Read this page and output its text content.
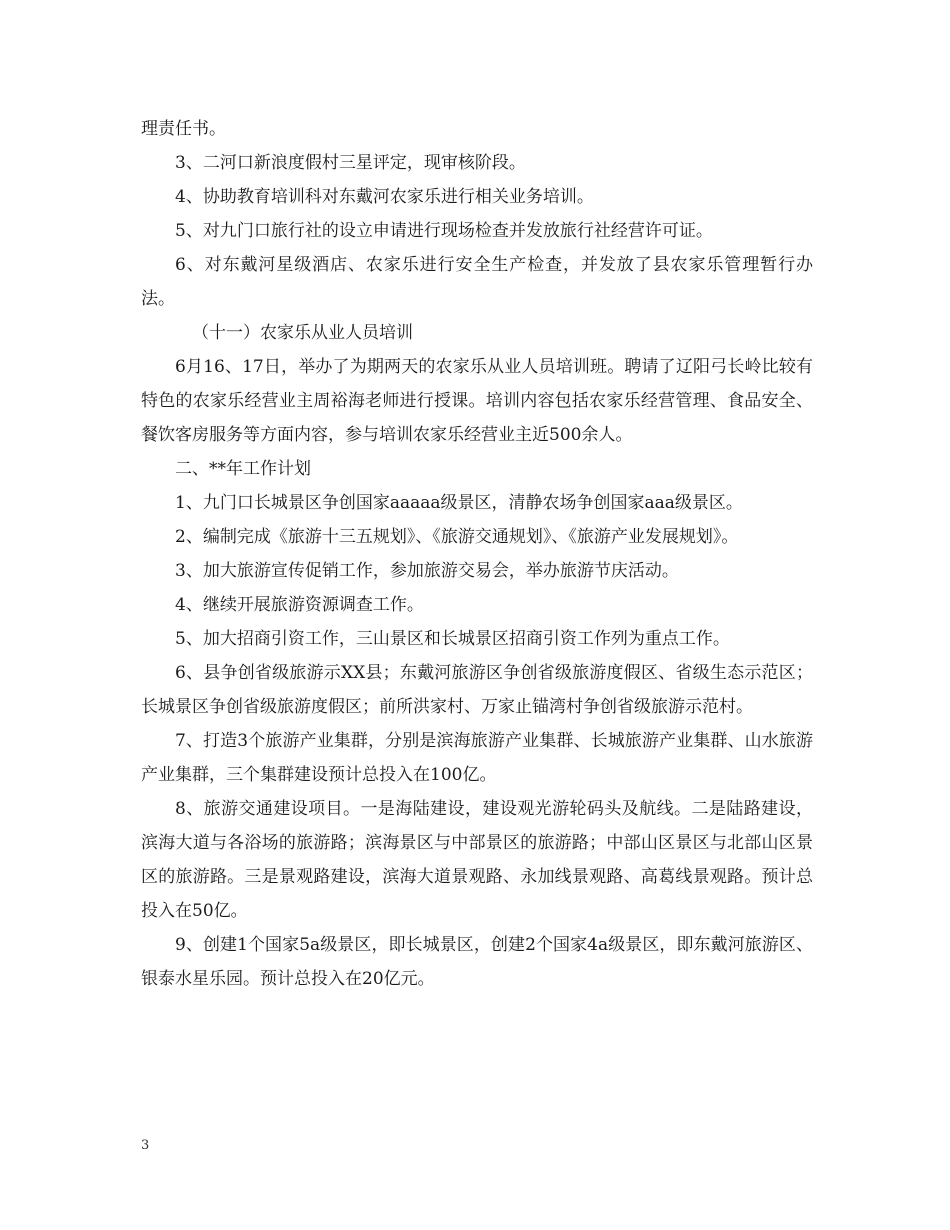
理责任书。

3、二河口新浪度假村三星评定，现审核阶段。

4、协助教育培训科对东戴河农家乐进行相关业务培训。

5、对九门口旅行社的设立申请进行现场检查并发放旅行社经营许可证。

6、对东戴河星级酒店、农家乐进行安全生产检查，并发放了县农家乐管理暂行办法。

（十一）农家乐从业人员培训

6月16、17日，举办了为期两天的农家乐从业人员培训班。聘请了辽阳弓长岭比较有特色的农家乐经营业主周裕海老师进行授课。培训内容包括农家乐经营管理、食品安全、餐饮客房服务等方面内容，参与培训农家乐经营业主近500余人。

二、**年工作计划

1、九门口长城景区争创国家aaaaa级景区，清静农场争创国家aaa级景区。

2、编制完成《旅游十三五规划》、《旅游交通规划》、《旅游产业发展规划》。

3、加大旅游宣传促销工作，参加旅游交易会，举办旅游节庆活动。

4、继续开展旅游资源调查工作。

5、加大招商引资工作，三山景区和长城景区招商引资工作列为重点工作。

6、县争创省级旅游示XX县；东戴河旅游区争创省级旅游度假区、省级生态示范区；长城景区争创省级旅游度假区；前所洪家村、万家止锚湾村争创省级旅游示范村。

7、打造3个旅游产业集群，分别是滨海旅游产业集群、长城旅游产业集群、山水旅游产业集群，三个集群建设预计总投入在100亿。

8、旅游交通建设项目。一是海陆建设，建设观光游轮码头及航线。二是陆路建设，滨海大道与各浴场的旅游路；滨海景区与中部景区的旅游路；中部山区景区与北部山区景区的旅游路。三是景观路建设，滨海大道景观路、永加线景观路、高葛线景观路。预计总投入在50亿。

9、创建1个国家5a级景区，即长城景区，创建2个国家4a级景区，即东戴河旅游区、银泰水星乐园。预计总投入在20亿元。

3
